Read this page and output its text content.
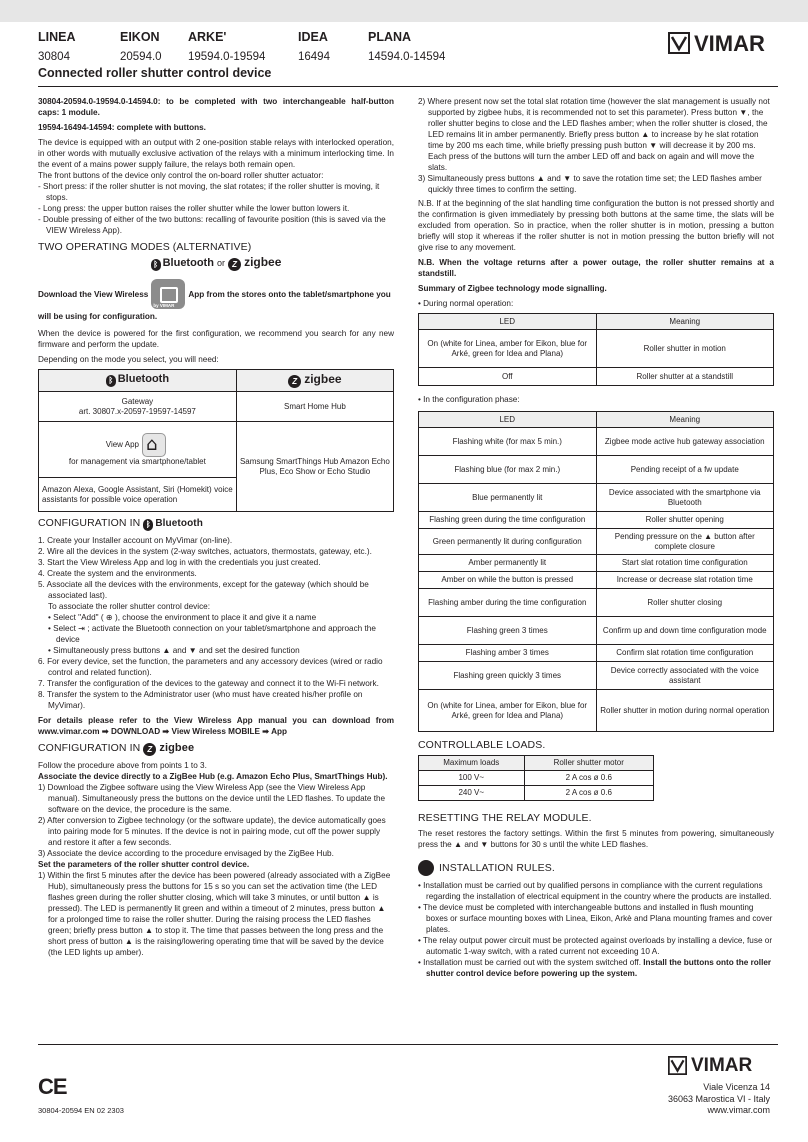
LINEA
30804
EIKON
20594.0
ARKE'
19594.0-19594
IDEA
16494
PLANA
14594.0-14594
Connected roller shutter control device
VIMAR

30804-20594.0-19594.0-14594.0: to be completed with two interchangeable half-button caps: 1 module.

19594-16494-14594: complete with buttons.

The device is equipped with an output with 2 one-position stable relays with interlocked operation, in other words with mutually exclusive activation of the relays with a minimum interlocking time. In the event of a mains power supply failure, the relays both remain open.

The front buttons of the device only control the on-board roller shutter actuator:

- Short press: if the roller shutter is not moving, the slat rotates; if the roller shutter is moving, it stops.
- Long press: the upper button raises the roller shutter while the lower button lowers it.
- Double pressing of either of the two buttons: recalling of favourite position (this is saved via the VIEW Wireless App).
TWO OPERATING MODES (ALTERNATIVE)
ᛒ Bluetooth or Z zigbee
Download the View Wireless
by VIMAR
App from the stores onto the tablet/smartphone you

will be using for configuration.

When the device is powered for the first configuration, we recommend you search for any new firmware and perform the update.

Depending on the mode you select, you will need:

ᛒ Bluetooth	Z zigbee
Gateway
art. 30807.x-20597-19597-14597	Smart Home Hub
View App⌂
for management via smartphone/tablet	Samsung SmartThings Hub Amazon Echo Plus, Eco Show or Echo Studio
Amazon Alexa, Google Assistant, Siri (Homekit) voice assistants for possible voice operation	
CONFIGURATION IN ᛒ Bluetooth
1. Create your Installer account on MyVimar (on-line).
2. Wire all the devices in the system (2-way switches, actuators, thermostats, gateway, etc.).
3. Start the View Wireless App and log in with the credentials you just created.
4. Create the system and the environments.
5. Associate all the devices with the environments, except for the gateway (which should be associated last).
To associate the roller shutter control device:
• Select "Add" ( ⊕ ), choose the environment to place it and give it a name
• Select ⇥ ; activate the Bluetooth connection on your tablet/smartphone and approach the device
• Simultaneously press buttons ▲ and ▼ and set the desired function
6. For every device, set the function, the parameters and any accessory devices (wired or radio control and related function).
7. Transfer the configuration of the devices to the gateway and connect it to the Wi-Fi network.
8. Transfer the system to the Administrator user (who must have created his/her profile on MyVimar).

For details please refer to the View Wireless App manual you can download from www.vimar.com ➡ DOWNLOAD ➡ View Wireless MOBILE ➡ App

CONFIGURATION IN Z zigbee
Follow the procedure above from points 1 to 3.
Associate the device directly to a ZigBee Hub (e.g. Amazon Echo Plus, SmartThings Hub).
1) Download the Zigbee software using the View Wireless App (see the View Wireless App manual). Simultaneously press the buttons on the device until the LED flashes. To update the software on the device, the procedure is the same.
2) After conversion to Zigbee technology (or the software update), the device automatically goes into pairing mode for 5 minutes. If the device is not in pairing mode, cut off the power supply and restore it after a few seconds.
3) Associate the device according to the procedure envisaged by the ZigBee Hub.
Set the parameters of the roller shutter control device.
1) Within the first 5 minutes after the device has been powered (already associated with a ZigBee Hub), simultaneously press the buttons for 15 s so you can set the activation time (the LED flashes green during the roller shutter closing, which will take 3 minutes, or until button ▲ is pressed). The LED is permanently lit green and within a timeout of 2 minutes, press button ▲ for a prolonged time to raise the roller shutter. During the raising process the LED flashes green; briefly press button ▲ to stop it. The time that passes between the long press and the short press of button ▲ is the raising/lowering operating time that will be saved by the device (the LED lights up amber).
2) Where present now set the total slat rotation time (however the slat management is usually not supported by zigbee hubs, it is recommended not to set this parameter). Press button ▼, the roller shutter begins to close and the LED flashes amber; when the roller shutter is closed, the LED remains lit in amber permanently. Briefly press button ▲ to increase by he slat rotation time by 200 ms each time, while briefly pressing push button ▼ will decrease it by 200 ms. Each press of the buttons will turn the amber LED off and back on again and will move the slats.
3) Simultaneously press buttons ▲ and ▼ to save the rotation time set; the LED flashes amber quickly three times to confirm the setting.

N.B. If at the beginning of the slat handling time configuration the button is not pressed shortly and the confirmation is given immediately by pressing both buttons at the same time, the slats will be excluded from operation. So in practice, when the roller shutter is in motion, pressing a button briefly will stop it whereas if the roller shutter is not in motion pressing the button briefly will not give rise to any movement.

N.B. When the voltage returns after a power outage, the roller shutter remains at a standstill.

Summary of Zigbee technology mode signalling.

• During normal operation:
LED	Meaning
On (white for Linea, amber for Eikon, blue for Arké, green for Idea and Plana)	Roller shutter in motion
Off	Roller shutter at a standstill
• In the configuration phase:
LED	Meaning
Flashing white (for max 5 min.)	Zigbee mode active hub gateway association
Flashing blue (for max 2 min.)	Pending receipt of a fw update
Blue permanently lit	Device associated with the smartphone via Bluetooth
Flashing green during the time configuration	Roller shutter opening
Green permanently lit during configuration	Pending pressure on the ▲ button after complete closure
Amber permanently lit	Start slat rotation time configuration
Amber on while the button is pressed	Increase or decrease slat rotation time
Flashing amber during the time configuration	Roller shutter closing
Flashing green 3 times	Confirm up and down time configuration mode
Flashing amber 3 times	Confirm slat rotation time configuration
Flashing green quickly 3 times	Device correctly associated with the voice assistant
On (white for Linea, amber for Eikon, blue for Arké, green for Idea and Plana)	Roller shutter in motion during normal operation
CONTROLLABLE LOADS.
Maximum loads	Roller shutter motor
100 V~	2 A cos ø 0.6
240 V~	2 A cos ø 0.6
RESETTING THE RELAY MODULE.

The reset restores the factory settings. Within the first 5 minutes from powering, simultaneously press the ▲ and ▼ buttons for 30 s until the white LED flashes.

INSTALLATION RULES.
• Installation must be carried out by qualified persons in compliance with the current regulations regarding the installation of electrical equipment in the country where the products are installed.
• The device must be completed with interchangeable buttons and installed in flush mounting boxes or surface mounting boxes with Linea, Eikon, Arkè and Plana mounting frames and cover plates.
• The relay output power circuit must be protected against overloads by installing a device, fuse or automatic 1-way switch, with a rated current not exceeding 10 A.
• Installation must be carried out with the system switched off. Install the buttons onto the roller shutter control device before powering up the system.
CE
30804-20594 EN 02 2303
VIMAR
Viale Vicenza 14
36063 Marostica VI - Italy
www.vimar.com
